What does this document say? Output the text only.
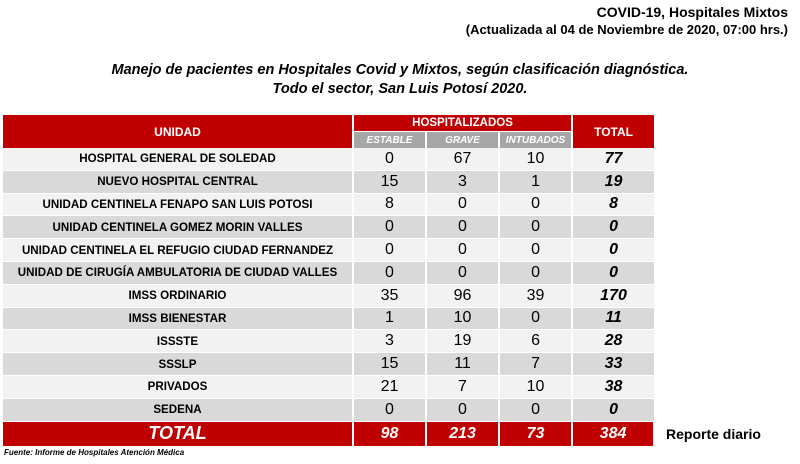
COVID-19, Hospitales Mixtos
(Actualizada al 04 de Noviembre de 2020, 07:00 hrs.)
Manejo de pacientes en Hospitales Covid y Mixtos, según clasificación diagnóstica.
Todo el sector, San Luis Potosí 2020.
UNIDAD	HOSPITALIZADOS			TOTAL
	ESTABLE	GRAVE	INTUBADOS	
HOSPITAL GENERAL DE SOLEDAD	0	67	10	77
NUEVO HOSPITAL CENTRAL	15	3	1	19
UNIDAD CENTINELA FENAPO SAN LUIS POTOSI	8	0	0	8
UNIDAD CENTINELA GOMEZ MORIN VALLES	0	0	0	0
UNIDAD CENTINELA EL REFUGIO CIUDAD FERNANDEZ	0	0	0	0
UNIDAD DE CIRUGÍA AMBULATORIA DE CIUDAD VALLES	0	0	0	0
IMSS ORDINARIO	35	96	39	170
IMSS BIENESTAR	1	10	0	11
ISSSTE	3	19	6	28
SSSLP	15	11	7	33
PRIVADOS	21	7	10	38
SEDENA	0	0	0	0
TOTAL	98	213	73	384	Reporte diario
Fuente: Informe de Hospitales Atención Médica
